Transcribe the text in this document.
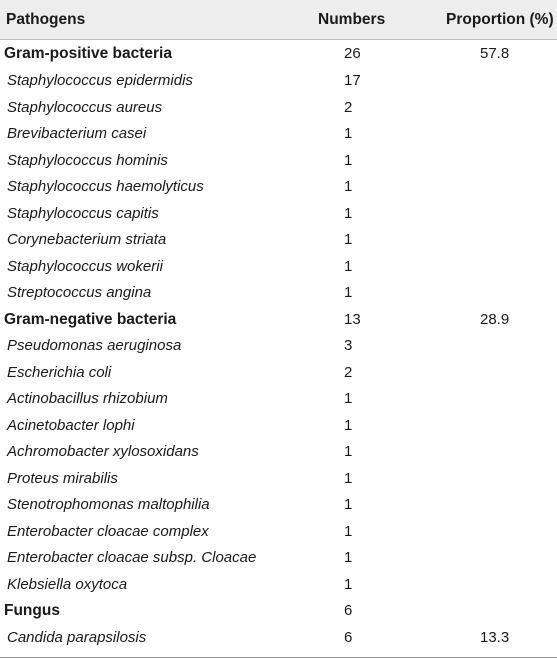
Pathogens	Numbers	Proportion (%)
Gram-positive bacteria	26	57.8
Staphylococcus epidermidis	17
Staphylococcus aureus	2
Brevibacterium casei	1
Staphylococcus hominis	1
Staphylococcus haemolyticus	1
Staphylococcus capitis	1
Corynebacterium striata	1
Staphylococcus wokerii	1
Streptococcus angina	1
Gram-negative bacteria	13	28.9
Pseudomonas aeruginosa	3
Escherichia coli	2
Actinobacillus rhizobium	1
Acinetobacter lophi	1
Achromobacter xylosoxidans	1
Proteus mirabilis	1
Stenotrophomonas maltophilia	1
Enterobacter cloacae complex	1
Enterobacter cloacae subsp. Cloacae	1
Klebsiella oxytoca	1
Fungus	6
Candida parapsilosis	6	13.3
